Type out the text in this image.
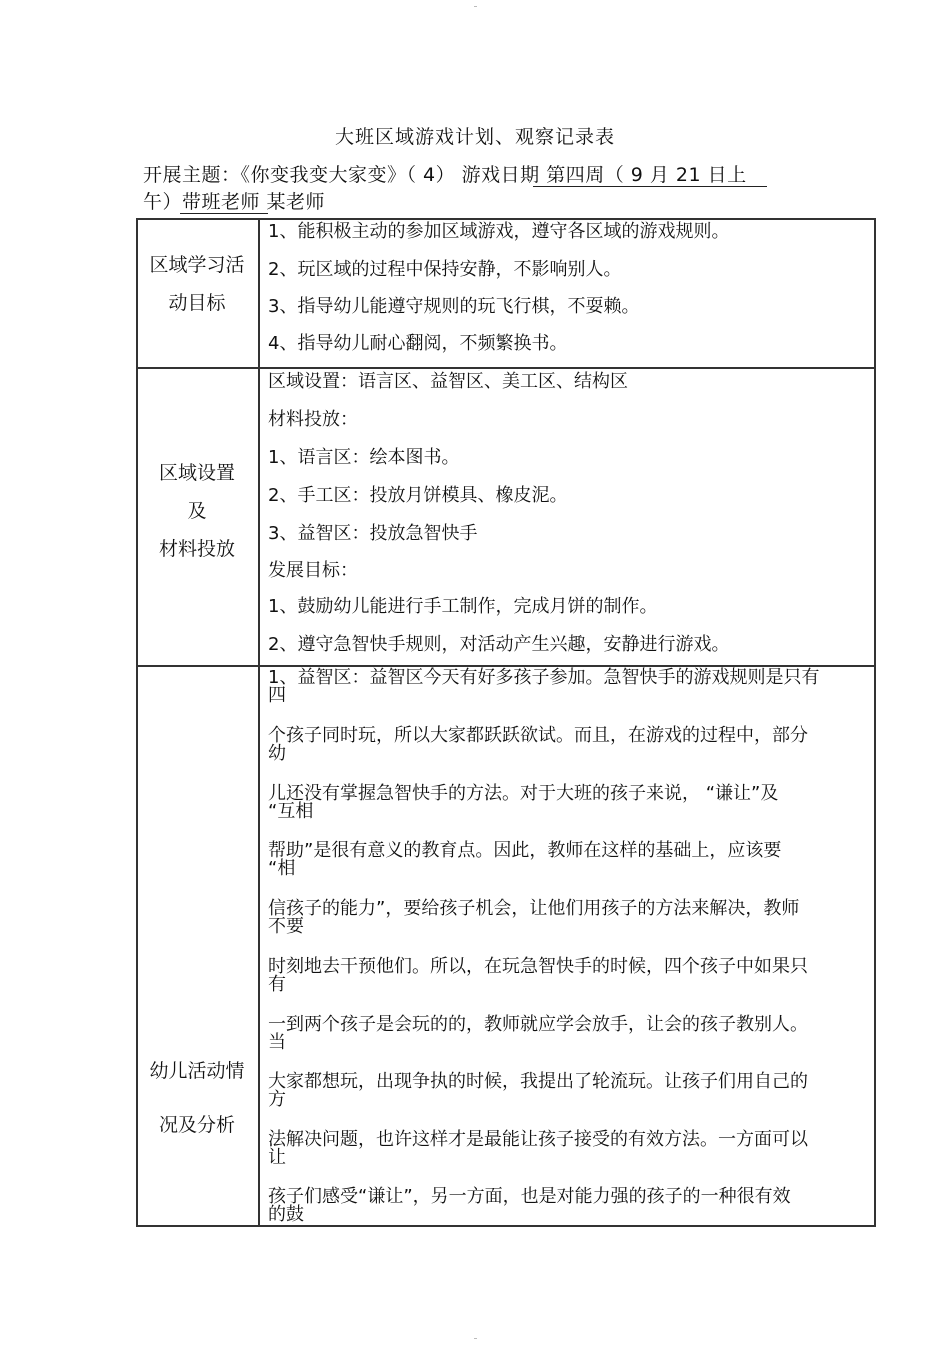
大班区域游戏计划、观察记录表
开展主题：《你变我变大家变》（ 4） 游戏日期 第四周（ 9 月 21 日上
午）带班老师 某老师
区域学习活
动目标
1、能积极主动的参加区域游戏，遵守各区域的游戏规则。
2、玩区域的过程中保持安静，不影响别人。
3、指导幼儿能遵守规则的玩飞行棋，不耍赖。
4、指导幼儿耐心翻阅，不频繁换书。
区域设置
及
材料投放
区域设置：语言区、益智区、美工区、结构区
材料投放：
1、语言区：绘本图书。
2、手工区：投放月饼模具、橡皮泥。
3、益智区：投放急智快手
发展目标：
1、鼓励幼儿能进行手工制作，完成月饼的制作。
2、遵守急智快手规则，对活动产生兴趣，安静进行游戏。
幼儿活动情
况及分析
1、益智区：益智区今天有好多孩子参加。急智快手的游戏规则是只有
四
个孩子同时玩，所以大家都跃跃欲试。而且，在游戏的过程中，部分
幼
儿还没有掌握急智快手的方法。对于大班的孩子来说， “谦让”及
“互相
帮助”是很有意义的教育点。因此，教师在这样的基础上，应该要
“相
信孩子的能力”，要给孩子机会，让他们用孩子的方法来解决，教师
不要
时刻地去干预他们。所以，在玩急智快手的时候，四个孩子中如果只
有
一到两个孩子是会玩的的，教师就应学会放手，让会的孩子教别人。
当
大家都想玩，出现争执的时候，我提出了轮流玩。让孩子们用自己的
方
法解决问题，也许这样才是最能让孩子接受的有效方法。一方面可以
让
孩子们感受“谦让”，另一方面，也是对能力强的孩子的一种很有效
的鼓
